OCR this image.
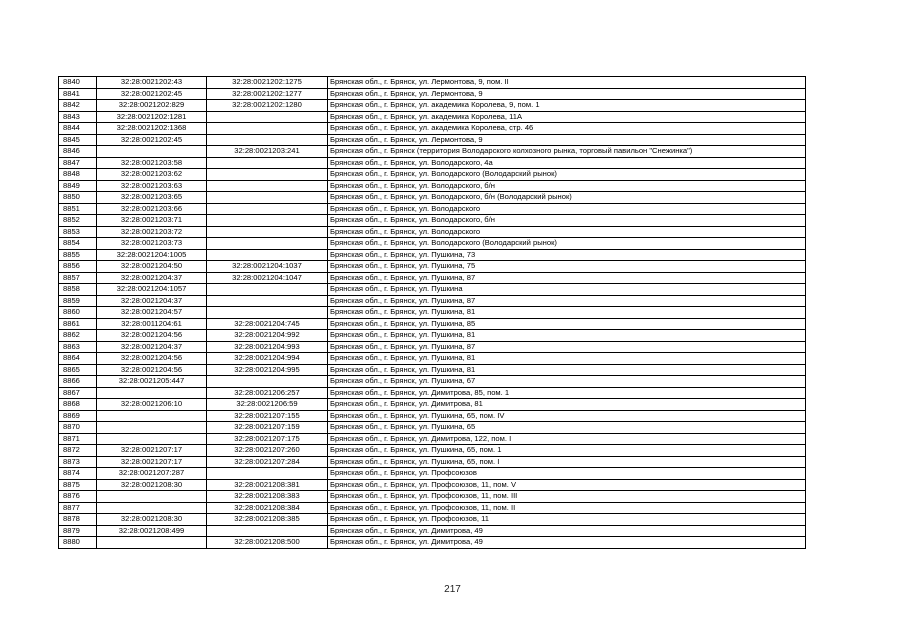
8840	32:28:0021202:43	32:28:0021202:1275	Брянская обл., г. Брянск, ул. Лермонтова, 9, пом. II
8841	32:28:0021202:45	32:28:0021202:1277	Брянская обл., г. Брянск, ул. Лермонтова, 9
8842	32:28:0021202:829	32:28:0021202:1280	Брянская обл., г. Брянск, ул. академика Королева, 9, пом. 1
8843	32:28:0021202:1281		Брянская обл., г. Брянск, ул. академика Королева, 11А
8844	32:28:0021202:1368		Брянская обл., г. Брянск, ул. академика Королева, стр. 46
8845	32:28:0021202:45		Брянская обл., г. Брянск, ул. Лермонтова, 9
8846		32:28:0021203:241	Брянская обл., г. Брянск (территория Володарского колхозного рынка, торговый павильон "Снежинка")
8847	32:28:0021203:58		Брянская обл., г. Брянск, ул. Володарского, 4а
8848	32:28:0021203:62		Брянская обл., г. Брянск, ул. Володарского (Володарский рынок)
8849	32:28:0021203:63		Брянская обл., г. Брянск, ул. Володарского, б/н
8850	32:28:0021203:65		Брянская обл., г. Брянск, ул. Володарского, б/н (Володарский рынок)
8851	32:28:0021203:66		Брянская обл., г. Брянск, ул. Володарского
8852	32:28:0021203:71		Брянская обл., г. Брянск, ул. Володарского, б/н
8853	32:28:0021203:72		Брянская обл., г. Брянск, ул. Володарского
8854	32:28:0021203:73		Брянская обл., г. Брянск, ул. Володарского (Володарский рынок)
8855	32:28:0021204:1005		Брянская обл., г. Брянск, ул. Пушкина, 73
8856	32:28:0021204:50	32:28:0021204:1037	Брянская обл., г. Брянск, ул. Пушкина, 75
8857	32:28:0021204:37	32:28:0021204:1047	Брянская обл., г. Брянск, ул. Пушкина, 87
8858	32:28:0021204:1057		Брянская обл., г. Брянск, ул. Пушкина
8859	32:28:0021204:37		Брянская обл., г. Брянск, ул. Пушкина, 87
8860	32:28:0021204:57		Брянская обл., г. Брянск, ул. Пушкина, 81
8861	32:28:0011204:61	32:28:0021204:745	Брянская обл., г. Брянск, ул. Пушкина, 85
8862	32:28:0021204:56	32:28:0021204:992	Брянская обл., г. Брянск, ул. Пушкина, 81
8863	32:28:0021204:37	32:28:0021204:993	Брянская обл., г. Брянск, ул. Пушкина, 87
8864	32:28:0021204:56	32:28:0021204:994	Брянская обл., г. Брянск, ул. Пушкина, 81
8865	32:28:0021204:56	32:28:0021204:995	Брянская обл., г. Брянск, ул. Пушкина, 81
8866	32:28:0021205:447		Брянская обл., г. Брянск, ул. Пушкина, 67
8867		32:28:0021206:257	Брянская обл., г. Брянск, ул. Димитрова, 85, пом. 1
8868	32:28:0021206:10	32:28:0021206:59	Брянская обл., г. Брянск, ул. Димитрова, 81
8869		32:28:0021207:155	Брянская обл., г. Брянск, ул. Пушкина, 65, пом. IV
8870		32:28:0021207:159	Брянская обл., г. Брянск, ул. Пушкина, 65
8871		32:28:0021207:175	Брянская обл., г. Брянск, ул. Димитрова, 122, пом. I
8872	32:28:0021207:17	32:28:0021207:260	Брянская обл., г. Брянск, ул. Пушкина, 65, пом. 1
8873	32:28:0021207:17	32:28:0021207:284	Брянская обл., г. Брянск, ул. Пушкина, 65, пом. I
8874	32:28:0021207:287		Брянская обл., г. Брянск, ул. Профсоюзов
8875	32:28:0021208:30	32:28:0021208:381	Брянская обл., г. Брянск, ул. Профсоюзов, 11, пом. V
8876		32:28:0021208:383	Брянская обл., г. Брянск, ул. Профсоюзов, 11, пом. III
8877		32:28:0021208:384	Брянская обл., г. Брянск, ул. Профсоюзов, 11, пом. II
8878	32:28:0021208:30	32:28:0021208:385	Брянская обл., г. Брянск, ул. Профсоюзов, 11
8879	32:28:0021208:499		Брянская обл., г. Брянск, ул. Димитрова, 49
8880		32:28:0021208:500	Брянская обл., г. Брянск, ул. Димитрова, 49
217
